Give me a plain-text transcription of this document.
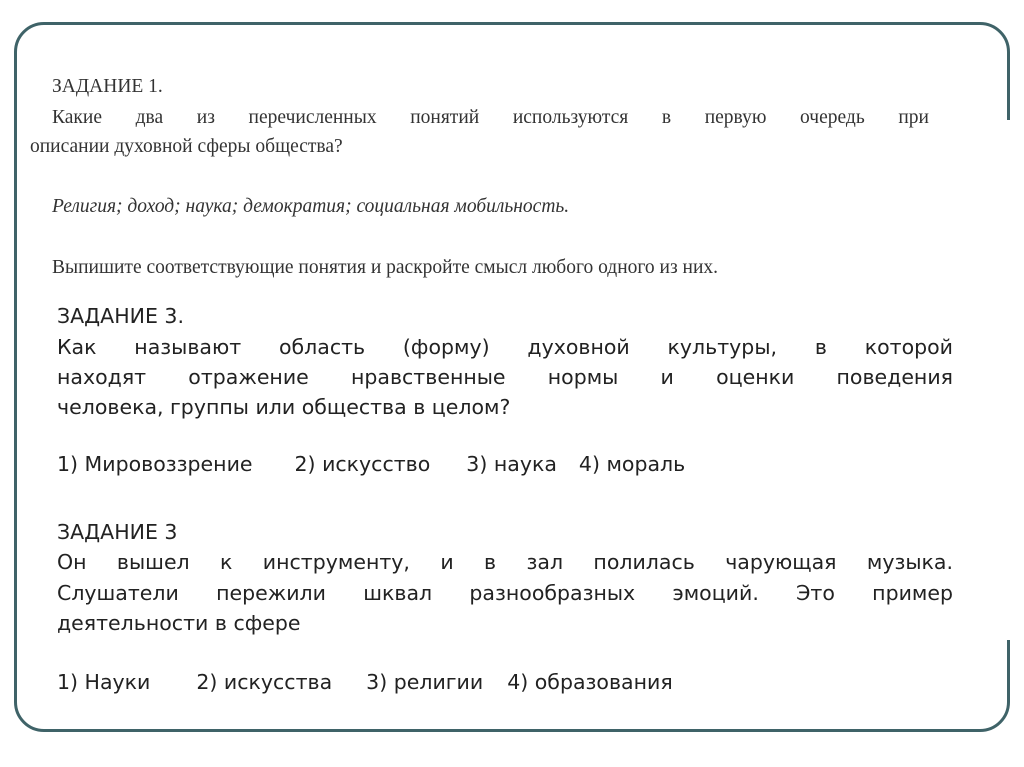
ЗАДАНИЕ 1.
Какие два из перечисленных понятий используются в первую очередь при
описании духовной сферы общества?
Религия; доход; наука; демократия; социальная мобильность.
Выпишите соответствующие понятия и раскройте смысл любого одного из них.
ЗАДАНИЕ 3.
Как называют область (форму) духовной культуры, в которой
находят отражение нравственные нормы и оценки поведения
человека, группы или общества в целом?
1) Мировоззрение 2) искусство 3) наука 4) мораль
ЗАДАНИЕ 3
Он вышел к инструменту, и в зал полилась чарующая музыка.
Слушатели пережили шквал разнообразных эмоций. Это пример
деятельности в сфере
1) Науки 2) искусства 3) религии 4) образования
